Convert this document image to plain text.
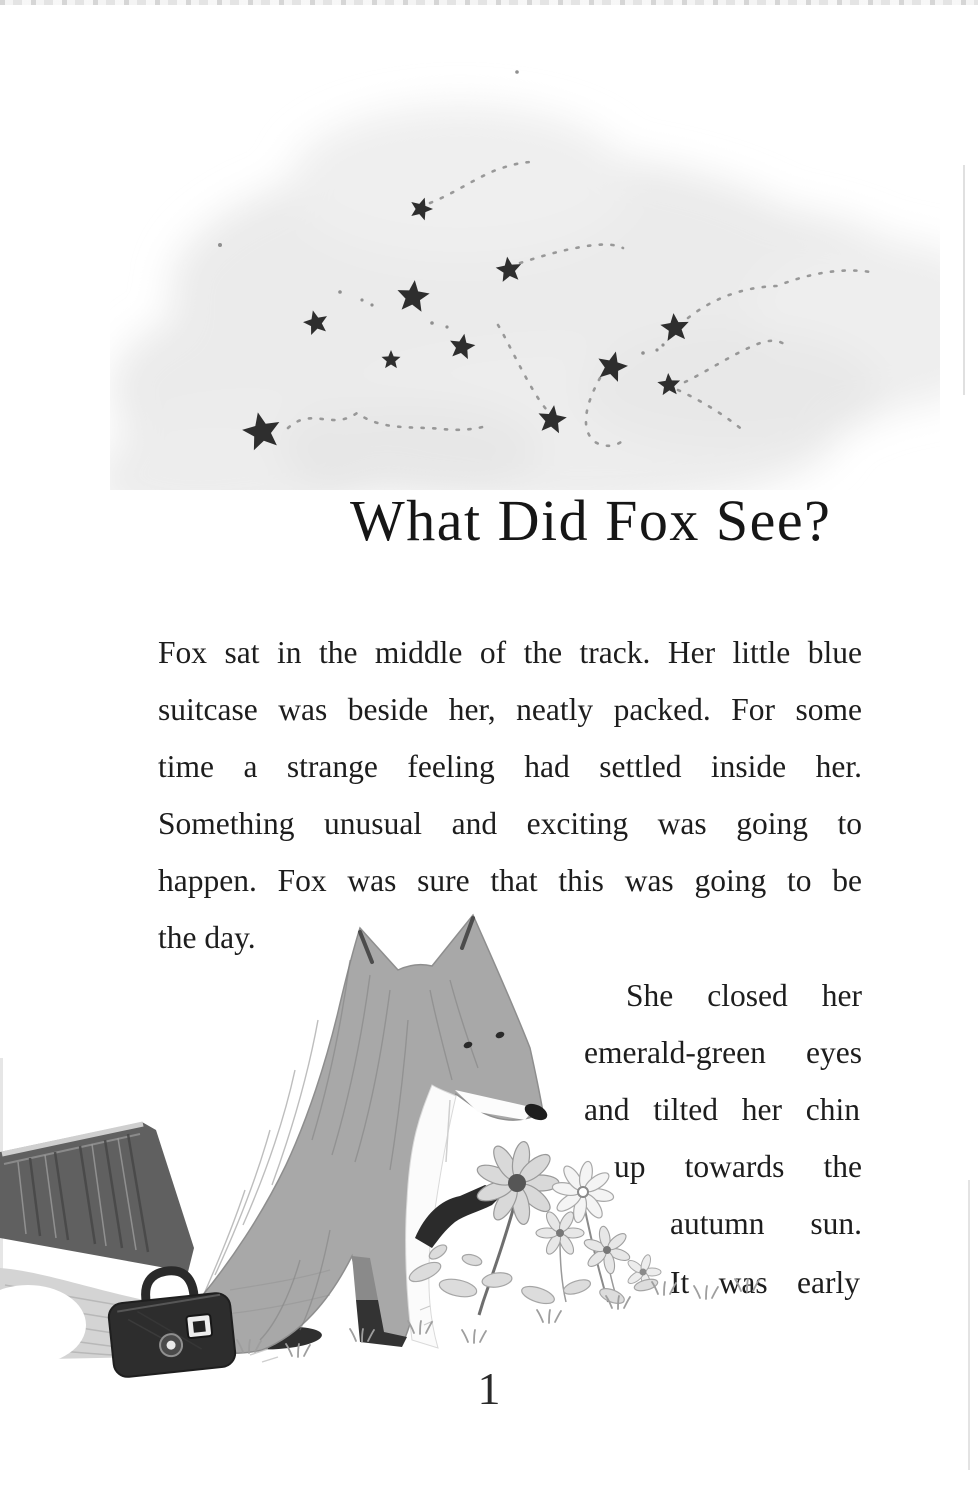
What Did Fox See?
Fox sat in the middle of the track. Her little blue
suitcase was beside her, neatly packed. For some
time a strange feeling had settled inside her.
Something unusual and exciting was going to
happen. Fox was sure that this was going to be
the day.
She closed her
emerald-green eyes
and tilted her chin
up towards the
autumn sun.
It was early
1
